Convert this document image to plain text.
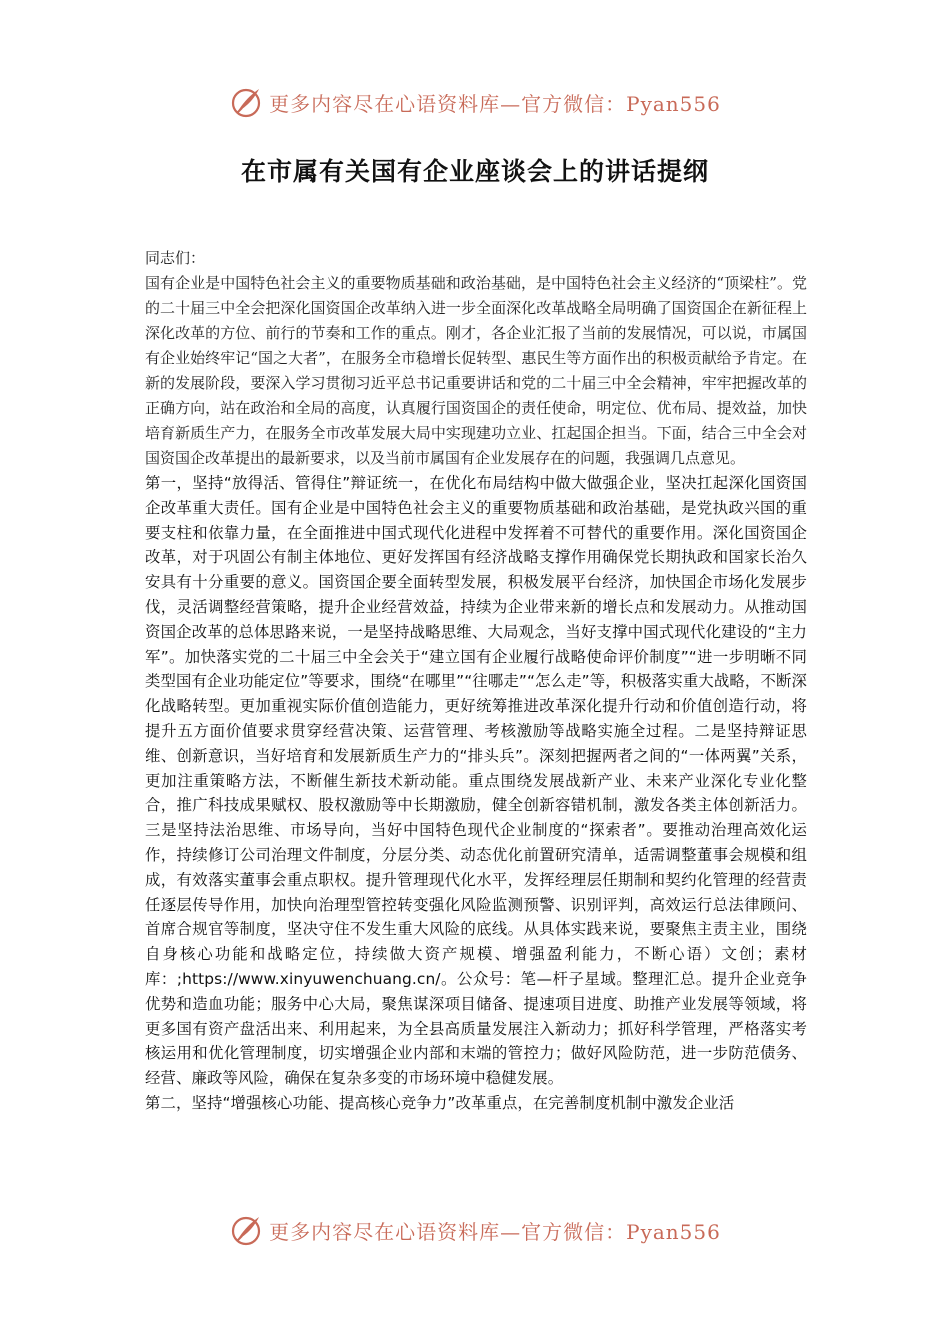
更多内容尽在心语资料库—官方微信：Pyan556
在市属有关国有企业座谈会上的讲话提纲

同志们：

国有企业是中国特色社会主义的重要物质基础和政治基础，是中国特色社会主义经济的“顶梁柱”。党的二十届三中全会把深化国资国企改革纳入进一步全面深化改革战略全局明确了国资国企在新征程上深化改革的方位、前行的节奏和工作的重点。刚才，各企业汇报了当前的发展情况，可以说，市属国有企业始终牢记“国之大者”，在服务全市稳增长促转型、惠民生等方面作出的积极贡献给予肯定。在新的发展阶段，要深入学习贯彻习近平总书记重要讲话和党的二十届三中全会精神，牢牢把握改革的正确方向，站在政治和全局的高度，认真履行国资国企的责任使命，明定位、优布局、提效益，加快培育新质生产力，在服务全市改革发展大局中实现建功立业、扛起国企担当。下面，结合三中全会对国资国企改革提出的最新要求，以及当前市属国有企业发展存在的问题，我强调几点意见。

第一，坚持“放得活、管得住”辩证统一，在优化布局结构中做大做强企业，坚决扛起深化国资国企改革重大责任。国有企业是中国特色社会主义的重要物质基础和政治基础，是党执政兴国的重要支柱和依靠力量，在全面推进中国式现代化进程中发挥着不可替代的重要作用。深化国资国企改革，对于巩固公有制主体地位、更好发挥国有经济战略支撑作用确保党长期执政和国家长治久安具有十分重要的意义。国资国企要全面转型发展，积极发展平台经济，加快国企市场化发展步伐，灵活调整经营策略，提升企业经营效益，持续为企业带来新的增长点和发展动力。从推动国资国企改革的总体思路来说，一是坚持战略思维、大局观念，当好支撑中国式现代化建设的“主力军”。加快落实党的二十届三中全会关于“建立国有企业履行战略使命评价制度”“进一步明晰不同类型国有企业功能定位”等要求，围绕“在哪里”“往哪走”“怎么走”等，积极落实重大战略，不断深化战略转型。更加重视实际价值创造能力，更好统筹推进改革深化提升行动和价值创造行动，将提升五方面价值要求贯穿经营决策、运营管理、考核激励等战略实施全过程。二是坚持辩证思维、创新意识，当好培育和发展新质生产力的“排头兵”。深刻把握两者之间的“一体两翼”关系，更加注重策略方法，不断催生新技术新动能。重点围绕发展战新产业、未来产业深化专业化整合，推广科技成果赋权、股权激励等中长期激励，健全创新容错机制，激发各类主体创新活力。三是坚持法治思维、市场导向，当好中国特色现代企业制度的“探索者”。要推动治理高效化运作，持续修订公司治理文件制度，分层分类、动态优化前置研究清单，适需调整董事会规模和组成，有效落实董事会重点职权。提升管理现代化水平，发挥经理层任期制和契约化管理的经营责任逐层传导作用，加快向治理型管控转变强化风险监测预警、识别评判，高效运行总法律顾问、首席合规官等制度，坚决守住不发生重大风险的底线。从具体实践来说，要聚焦主责主业，围绕自身核心功能和战略定位，持续做大资产规模、增强盈利能力，不断心语）文创；素材库：;https://www.xinyuwenchuang.cn/。公众号：笔—杆子星域。整理汇总。提升企业竞争优势和造血功能；服务中心大局，聚焦谋深项目储备、提速项目进度、助推产业发展等领域，将更多国有资产盘活出来、利用起来，为全县高质量发展注入新动力；抓好科学管理，严格落实考核运用和优化管理制度，切实增强企业内部和末端的管控力；做好风险防范，进一步防范债务、经营、廉政等风险，确保在复杂多变的市场环境中稳健发展。

第二，坚持“增强核心功能、提高核心竞争力”改革重点，在完善制度机制中激发企业活

更多内容尽在心语资料库—官方微信：Pyan556
